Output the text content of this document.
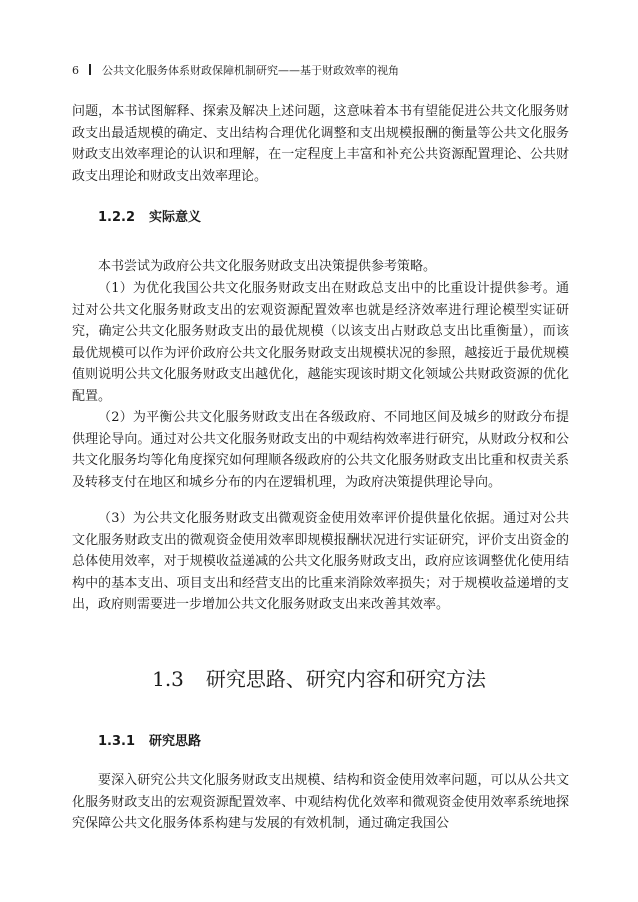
6 公共文化服务体系财政保障机制研究——基于财政效率的视角

问题，本书试图解释、探索及解决上述问题，这意味着本书有望能促进公共文化服务财政支出最适规模的确定、支出结构合理优化调整和支出规模报酬的衡量等公共文化服务财政支出效率理论的认识和理解，在一定程度上丰富和补充公共资源配置理论、公共财政支出理论和财政支出效率理论。

1.2.2 实际意义

本书尝试为政府公共文化服务财政支出决策提供参考策略。

（1）为优化我国公共文化服务财政支出在财政总支出中的比重设计提供参考。通过对公共文化服务财政支出的宏观资源配置效率也就是经济效率进行理论模型实证研究，确定公共文化服务财政支出的最优规模（以该支出占财政总支出比重衡量），而该最优规模可以作为评价政府公共文化服务财政支出规模状况的参照，越接近于最优规模值则说明公共文化服务财政支出越优化，越能实现该时期文化领域公共财政资源的优化配置。

（2）为平衡公共文化服务财政支出在各级政府、不同地区间及城乡的财政分布提供理论导向。通过对公共文化服务财政支出的中观结构效率进行研究，从财政分权和公共文化服务均等化角度探究如何理顺各级政府的公共文化服务财政支出比重和权责关系及转移支付在地区和城乡分布的内在逻辑机理，为政府决策提供理论导向。

（3）为公共文化服务财政支出微观资金使用效率评价提供量化依据。通过对公共文化服务财政支出的微观资金使用效率即规模报酬状况进行实证研究，评价支出资金的总体使用效率，对于规模收益递减的公共文化服务财政支出，政府应该调整优化使用结构中的基本支出、项目支出和经营支出的比重来消除效率损失；对于规模收益递增的支出，政府则需要进一步增加公共文化服务财政支出来改善其效率。

1.3 研究思路、研究内容和研究方法
1.3.1 研究思路

要深入研究公共文化服务财政支出规模、结构和资金使用效率问题，可以从公共文化服务财政支出的宏观资源配置效率、中观结构优化效率和微观资金使用效率系统地探究保障公共文化服务体系构建与发展的有效机制，通过确定我国公
